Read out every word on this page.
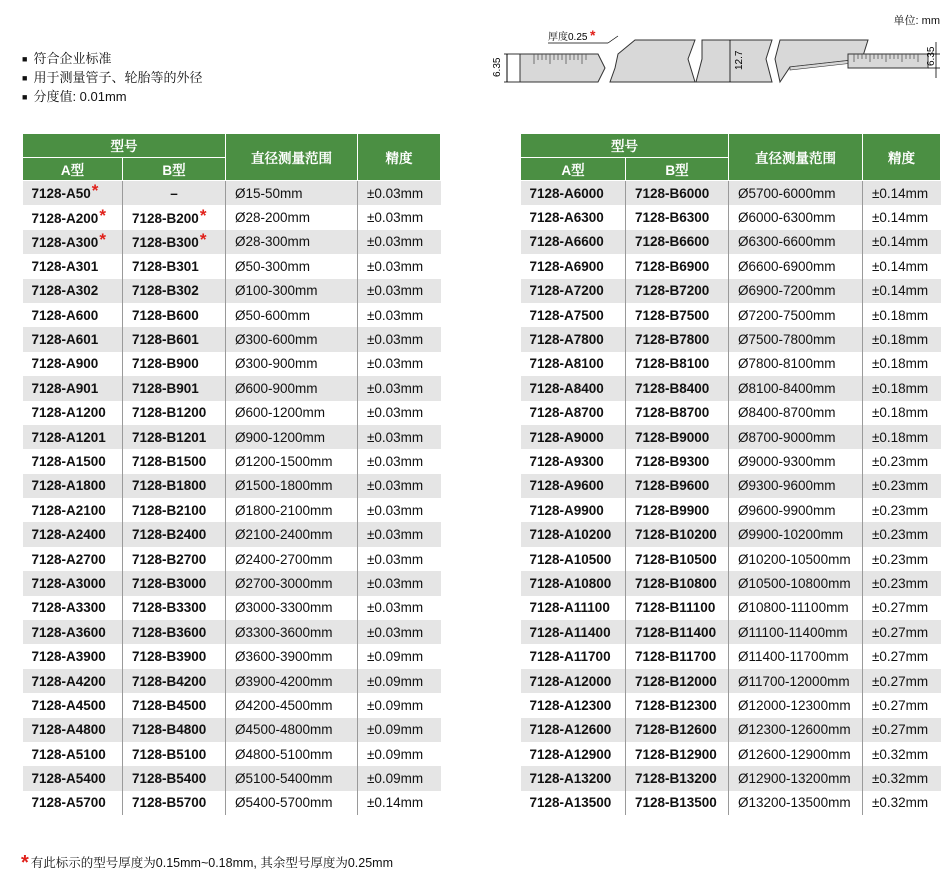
单位: mm
■ 符合企业标准
■ 用于测量管子、轮胎等的外径
■ 分度值: 0.01mm
6.35
厚度0.25 *
12.7	6.35
型号		直径测量范围	精度
A型	B型		
7128-A50*	–	Ø15-50mm	±0.03mm
7128-A200*	7128-B200*	Ø28-200mm	±0.03mm
7128-A300*	7128-B300*	Ø28-300mm	±0.03mm
7128-A301	7128-B301	Ø50-300mm	±0.03mm
7128-A302	7128-B302	Ø100-300mm	±0.03mm
7128-A600	7128-B600	Ø50-600mm	±0.03mm
7128-A601	7128-B601	Ø300-600mm	±0.03mm
7128-A900	7128-B900	Ø300-900mm	±0.03mm
7128-A901	7128-B901	Ø600-900mm	±0.03mm
7128-A1200	7128-B1200	Ø600-1200mm	±0.03mm
7128-A1201	7128-B1201	Ø900-1200mm	±0.03mm
7128-A1500	7128-B1500	Ø1200-1500mm	±0.03mm
7128-A1800	7128-B1800	Ø1500-1800mm	±0.03mm
7128-A2100	7128-B2100	Ø1800-2100mm	±0.03mm
7128-A2400	7128-B2400	Ø2100-2400mm	±0.03mm
7128-A2700	7128-B2700	Ø2400-2700mm	±0.03mm
7128-A3000	7128-B3000	Ø2700-3000mm	±0.03mm
7128-A3300	7128-B3300	Ø3000-3300mm	±0.03mm
7128-A3600	7128-B3600	Ø3300-3600mm	±0.03mm
7128-A3900	7128-B3900	Ø3600-3900mm	±0.09mm
7128-A4200	7128-B4200	Ø3900-4200mm	±0.09mm
7128-A4500	7128-B4500	Ø4200-4500mm	±0.09mm
7128-A4800	7128-B4800	Ø4500-4800mm	±0.09mm
7128-A5100	7128-B5100	Ø4800-5100mm	±0.09mm
7128-A5400	7128-B5400	Ø5100-5400mm	±0.09mm
7128-A5700	7128-B5700	Ø5400-5700mm	±0.14mm
型号		直径测量范围	精度
A型	B型		
7128-A6000	7128-B6000	Ø5700-6000mm	±0.14mm
7128-A6300	7128-B6300	Ø6000-6300mm	±0.14mm
7128-A6600	7128-B6600	Ø6300-6600mm	±0.14mm
7128-A6900	7128-B6900	Ø6600-6900mm	±0.14mm
7128-A7200	7128-B7200	Ø6900-7200mm	±0.14mm
7128-A7500	7128-B7500	Ø7200-7500mm	±0.18mm
7128-A7800	7128-B7800	Ø7500-7800mm	±0.18mm
7128-A8100	7128-B8100	Ø7800-8100mm	±0.18mm
7128-A8400	7128-B8400	Ø8100-8400mm	±0.18mm
7128-A8700	7128-B8700	Ø8400-8700mm	±0.18mm
7128-A9000	7128-B9000	Ø8700-9000mm	±0.18mm
7128-A9300	7128-B9300	Ø9000-9300mm	±0.23mm
7128-A9600	7128-B9600	Ø9300-9600mm	±0.23mm
7128-A9900	7128-B9900	Ø9600-9900mm	±0.23mm
7128-A10200	7128-B10200	Ø9900-10200mm	±0.23mm
7128-A10500	7128-B10500	Ø10200-10500mm	±0.23mm
7128-A10800	7128-B10800	Ø10500-10800mm	±0.23mm
7128-A11100	7128-B11100	Ø10800-11100mm	±0.27mm
7128-A11400	7128-B11400	Ø11100-11400mm	±0.27mm
7128-A11700	7128-B11700	Ø11400-11700mm	±0.27mm
7128-A12000	7128-B12000	Ø11700-12000mm	±0.27mm
7128-A12300	7128-B12300	Ø12000-12300mm	±0.27mm
7128-A12600	7128-B12600	Ø12300-12600mm	±0.27mm
7128-A12900	7128-B12900	Ø12600-12900mm	±0.32mm
7128-A13200	7128-B13200	Ø12900-13200mm	±0.32mm
7128-A13500	7128-B13500	Ø13200-13500mm	±0.32mm
* 有此标示的型号厚度为0.15mm~0.18mm, 其余型号厚度为0.25mm
